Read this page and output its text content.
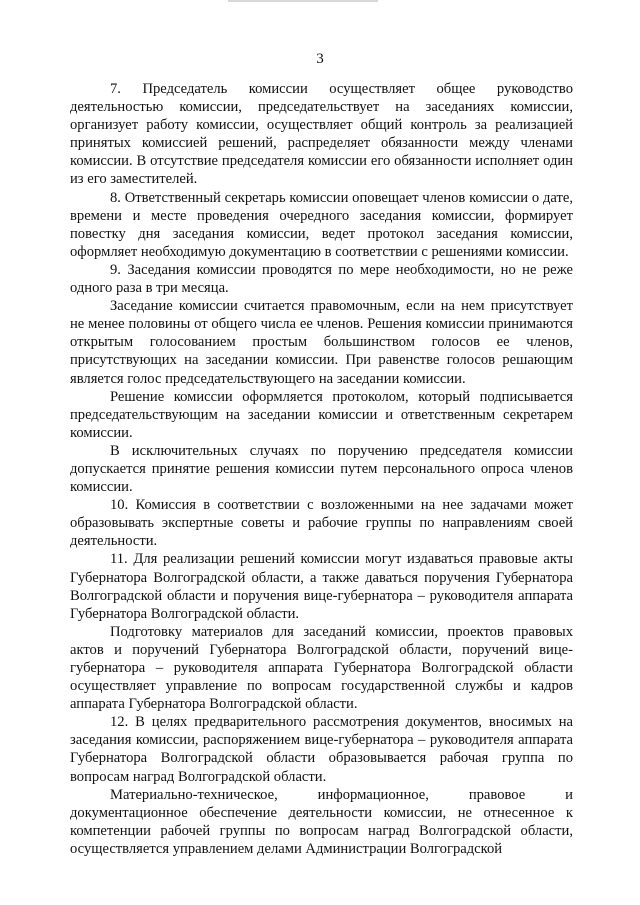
3

7. Председатель комиссии осуществляет общее руководство деятельностью комиссии, председательствует на заседаниях комиссии, организует работу комиссии, осуществляет общий контроль за реализацией принятых комиссией решений, распределяет обязанности между членами комиссии. В отсутствие председателя комиссии его обязанности исполняет один из его заместителей.

8. Ответственный секретарь комиссии оповещает членов комиссии о дате, времени и месте проведения очередного заседания комиссии, формирует повестку дня заседания комиссии, ведет протокол заседания комиссии, оформляет необходимую документацию в соответствии с решениями комиссии.

9. Заседания комиссии проводятся по мере необходимости, но не реже одного раза в три месяца.

Заседание комиссии считается правомочным, если на нем присутствует не менее половины от общего числа ее членов. Решения комиссии принимаются открытым голосованием простым большинством голосов ее членов, присутствующих на заседании комиссии. При равенстве голосов решающим является голос председательствующего на заседании комиссии.

Решение комиссии оформляется протоколом, который подписывается председательствующим на заседании комиссии и ответственным секретарем комиссии.

В исключительных случаях по поручению председателя комиссии допускается принятие решения комиссии путем персонального опроса членов комиссии.

10. Комиссия в соответствии с возложенными на нее задачами может образовывать экспертные советы и рабочие группы по направлениям своей деятельности.

11. Для реализации решений комиссии могут издаваться правовые акты Губернатора Волгоградской области, а также даваться поручения Губернатора Волгоградской области и поручения вице-губернатора – руководителя аппарата Губернатора Волгоградской области.

Подготовку материалов для заседаний комиссии, проектов правовых актов и поручений Губернатора Волгоградской области, поручений вице-губернатора – руководителя аппарата Губернатора Волгоградской области осуществляет управление по вопросам государственной службы и кадров аппарата Губернатора Волгоградской области.

12. В целях предварительного рассмотрения документов, вносимых на заседания комиссии, распоряжением вице-губернатора – руководителя аппарата Губернатора Волгоградской области образовывается рабочая группа по вопросам наград Волгоградской области.

Материально-техническое, информационное, правовое и документационное обеспечение деятельности комиссии, не отнесенное к компетенции рабочей группы по вопросам наград Волгоградской области, осуществляется управлением делами Администрации Волгоградской
